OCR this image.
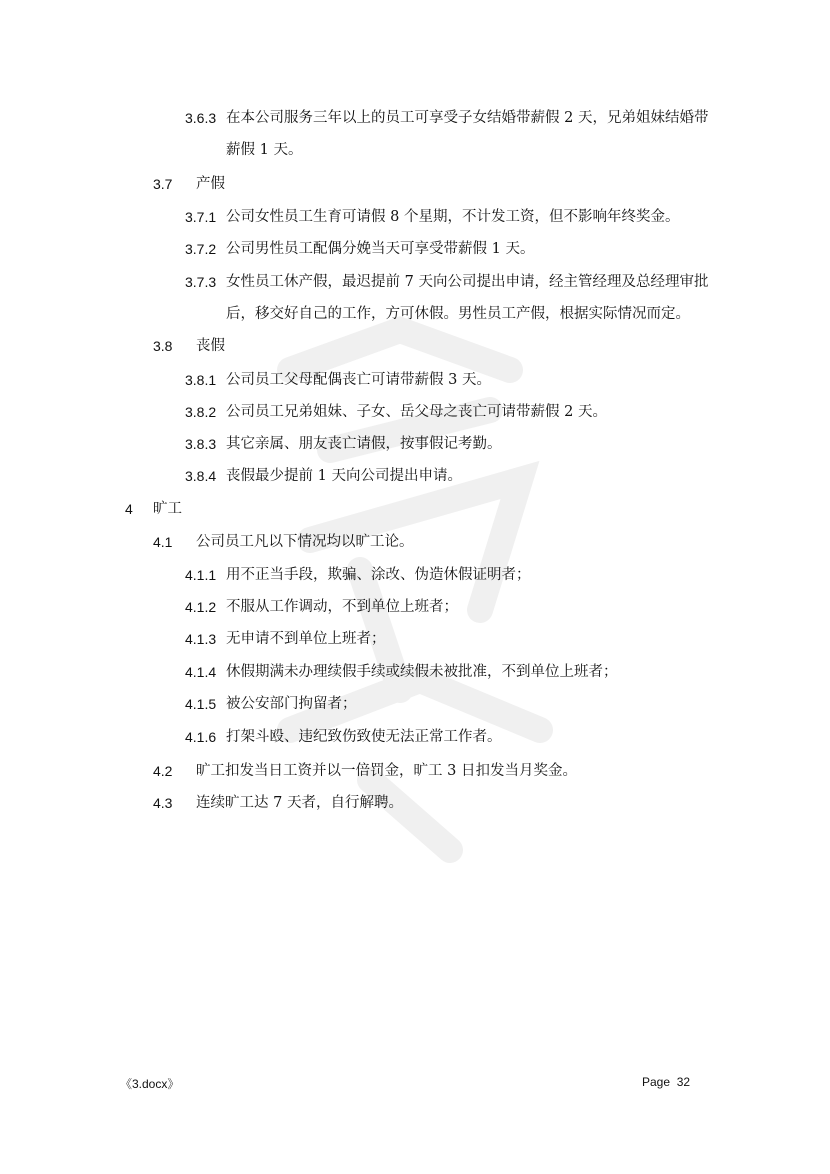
3.6.3 在本公司服务三年以上的员工可享受子女结婚带薪假 2 天，兄弟姐妹结婚带
薪假 1 天。
3.7 产假
3.7.1 公司女性员工生育可请假 8 个星期，不计发工资，但不影响年终奖金。
3.7.2 公司男性员工配偶分娩当天可享受带薪假 1 天。
3.7.3 女性员工休产假，最迟提前 7 天向公司提出申请，经主管经理及总经理审批
后，移交好自己的工作，方可休假。男性员工产假，根据实际情况而定。
3.8 丧假
3.8.1 公司员工父母配偶丧亡可请带薪假 3 天。
3.8.2 公司员工兄弟姐妹、子女、岳父母之丧亡可请带薪假 2 天。
3.8.3 其它亲属、朋友丧亡请假，按事假记考勤。
3.8.4 丧假最少提前 1 天向公司提出申请。
4 旷工
4.1 公司员工凡以下情况均以旷工论。
4.1.1 用不正当手段，欺骗、涂改、伪造休假证明者；
4.1.2 不服从工作调动，不到单位上班者；
4.1.3 无申请不到单位上班者；
4.1.4 休假期满未办理续假手续或续假未被批准，不到单位上班者；
4.1.5 被公安部门拘留者；
4.1.6 打架斗殴、违纪致伤致使无法正常工作者。
4.2 旷工扣发当日工资并以一倍罚金，旷工 3 日扣发当月奖金。
4.3 连续旷工达 7 天者，自行解聘。
《3.docx》	Page  32
